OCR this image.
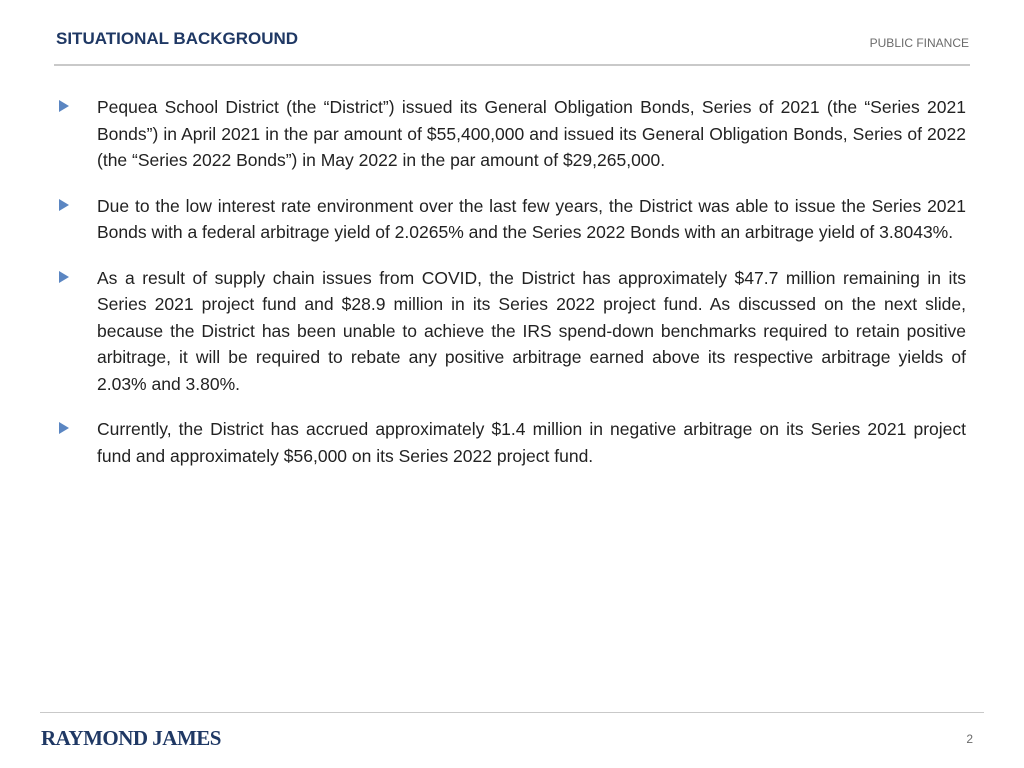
SITUATIONAL BACKGROUND	PUBLIC FINANCE
Pequea School District (the “District”) issued its General Obligation Bonds, Series of 2021 (the “Series 2021 Bonds”) in April 2021 in the par amount of $55,400,000 and issued its General Obligation Bonds, Series of 2022 (the “Series 2022 Bonds”) in May 2022 in the par amount of $29,265,000.
Due to the low interest rate environment over the last few years, the District was able to issue the Series 2021 Bonds with a federal arbitrage yield of 2.0265% and the Series 2022 Bonds with an arbitrage yield of 3.8043%.
As a result of supply chain issues from COVID, the District has approximately $47.7 million remaining in its Series 2021 project fund and $28.9 million in its Series 2022 project fund. As discussed on the next slide, because the District has been unable to achieve the IRS spend-down benchmarks required to retain positive arbitrage, it will be required to rebate any positive arbitrage earned above its respective arbitrage yields of 2.03% and 3.80%.
Currently, the District has accrued approximately $1.4 million in negative arbitrage on its Series 2021 project fund and approximately $56,000 on its Series 2022 project fund.
RAYMOND JAMES	2
